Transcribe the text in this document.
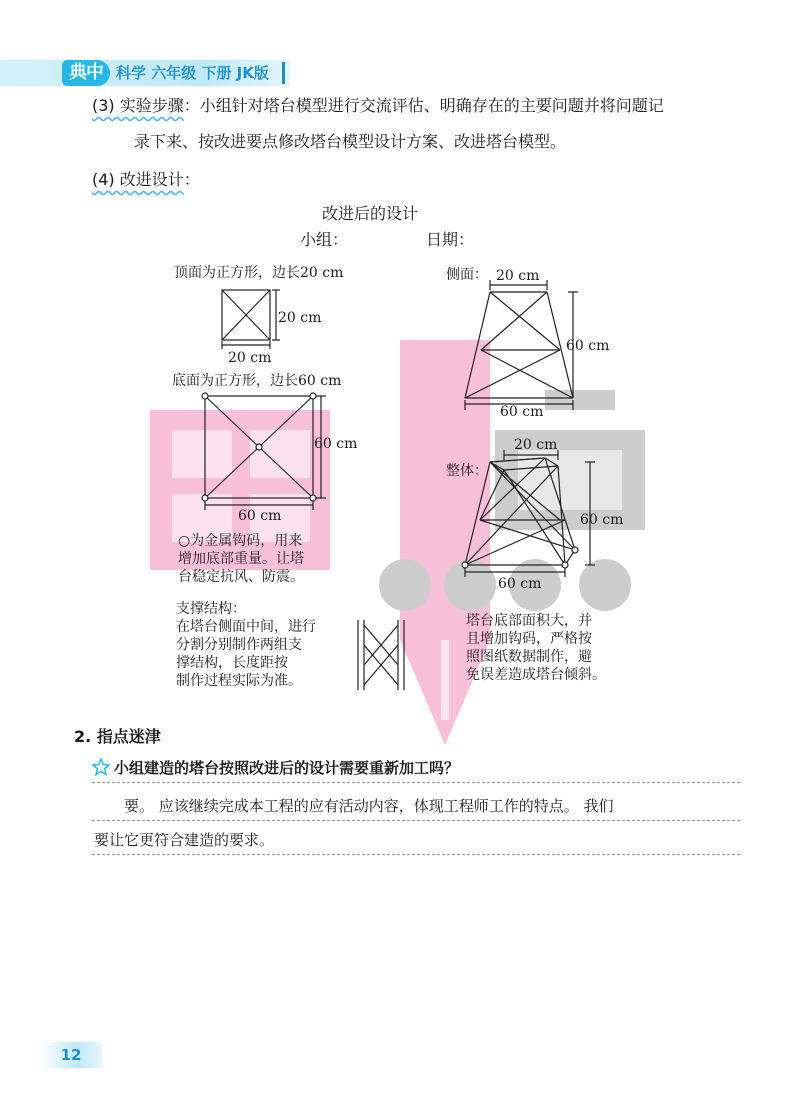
典中点
科学 六年级 下册 JK版
(3) 实验步骤：小组针对塔台模型进行交流评估、明确存在的主要问题并将问题记
录下来、按改进要点修改塔台模型设计方案、改进塔台模型。
(4) 改进设计：
改进后的设计
小组：	日期：
顶面为正方形，边长20 cm
20 cm
20 cm
底面为正方形，边长60 cm
60 cm
60 cm
侧面： 20 cm
60 cm
60 cm
整体：
20 cm
60 cm
60 cm
○为金属钩码，用来
增加底部重量。让塔
台稳定抗风、防震。
支撑结构：
在塔台侧面中间，进行
分割分别制作两组支
撑结构，长度距按
制作过程实际为准。
塔台底部面积大，并
且增加钩码，严格按
照图纸数据制作，避
免误差造成塔台倾斜。
2. 指点迷津
小组建造的塔台按照改进后的设计需要重新加工吗？
要。 应该继续完成本工程的应有活动内容，体现工程师工作的特点。 我们
要让它更符合建造的要求。
12
